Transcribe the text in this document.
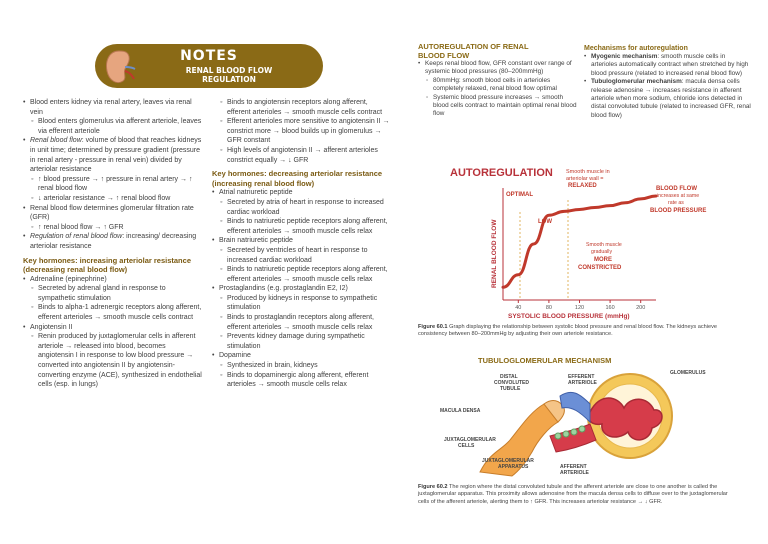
NOTES
RENAL BLOOD FLOW
REGULATION
• Blood enters kidney via renal artery, leaves via renal vein
◦ Blood enters glomerulus via afferent arteriole, leaves via efferent arteriole
• Renal blood flow: volume of blood that reaches kidneys in unit time; determined by pressure gradient (pressure in renal artery - pressure in renal vein) divided by arteriolar resistance
◦ ↑ blood pressure → ↑ pressure in renal artery → ↑ renal blood flow
◦ ↓ arteriolar resistance → ↑ renal blood flow
• Renal blood flow determines glomerular filtration rate (GFR)
◦ ↑ renal blood flow → ↑ GFR
• Regulation of renal blood flow: increasing/ decreasing arteriolar resistance
Key hormones: increasing arteriolar resistance (decreasing renal blood flow)
• Adrenaline (epinephrine)
◦ Secreted by adrenal gland in response to sympathetic stimulation
◦ Binds to alpha-1 adrenergic receptors along afferent, efferent arterioles → smooth muscle cells contract
• Angiotensin II
◦ Renin produced by juxtaglomerular cells in afferent arteriole → released into blood, becomes angiotensin I in response to low blood pressure → converted into angiotensin II by angiotensin-converting enzyme (ACE), synthesized in endothelial cells (esp. in lungs)
◦ Binds to angiotensin receptors along afferent, efferent arterioles → smooth muscle cells contract
◦ Efferent arterioles more sensitive to angiotensin II → constrict more → blood builds up in glomerulus → GFR constant
◦ High levels of angiotensin II → afferent arterioles constrict equally → ↓ GFR
Key hormones: decreasing arteriolar resistance (increasing renal blood flow)
• Atrial natriuretic peptide
◦ Secreted by atria of heart in response to increased cardiac workload
◦ Binds to natriuretic peptide receptors along afferent, efferent arterioles → smooth muscle cells relax
• Brain natriuretic peptide
◦ Secreted by ventricles of heart in response to increased cardiac workload
◦ Binds to natriuretic peptide receptors along afferent, efferent arterioles → smooth muscle cells relax
• Prostaglandins (e.g. prostaglandin E2, I2)
◦ Produced by kidneys in response to sympathetic stimulation
◦ Binds to prostaglandin receptors along afferent, efferent arterioles → smooth muscle cells relax
◦ Prevents kidney damage during sympathetic stimulation
• Dopamine
◦ Synthesized in brain, kidneys
◦ Binds to dopaminergic along afferent, efferent arterioles → smooth muscle cells relax
AUTOREGULATION OF RENAL
BLOOD FLOW
• Keeps renal blood flow, GFR constant over range of systemic blood pressures (80–200mmHg)
◦ 80mmHg: smooth blood cells in arterioles completely relaxed, renal blood flow optimal
◦ Systemic blood pressure increases → smooth blood cells contract to maintain optimal renal blood flow
Mechanisms for autoregulation
• Myogenic mechanism: smooth muscle cells in arterioles automatically contract when stretched by high blood pressure (related to increased renal blood flow)
• Tubuloglomerular mechanism: macula densa cells release adenosine → increases resistance in afferent arteriole when more sodium, chloride ions detected in distal convoluted tubule (related to increased GFR, renal blood flow)
AUTOREGULATION
40	80	120	160	200
SYSTOLIC BLOOD PRESSURE (mmHg)
RENAL BLOOD FLOW	LOW
OPTIMAL
Smooth muscle in
arteriolar wall =
RELAXED	BLOOD FLOW
increases at same
rate as
BLOOD PRESSURE
Smooth muscle
gradually
MORE
CONSTRICTED
Figure 60.1 Graph displaying the relationship between systolic blood pressure and renal blood flow. The kidneys achieve consistency between 80–200mmHg by adjusting their own arteriole resistance.
TUBULOGLOMERULAR MECHANISM
DISTAL
CONVOLUTED
TUBULE
EFFERENT
ARTERIOLE
GLOMERULUS
MACULA DENSA
JUXTAGLOMERULAR
CELLS
JUXTAGLOMERULAR
APPARATUS	AFFERENT
ARTERIOLE
Figure 60.2 The region where the distal convoluted tubule and the afferent arteriole are close to one another is called the juxtaglomerular apparatus. This proximity allows adenosine from the macula densa cells to diffuse over to the juxtaglomerular cells of the afferent arteriole, alerting them to ↑ GFR. This increases arteriolar resistance → ↓ GFR.
